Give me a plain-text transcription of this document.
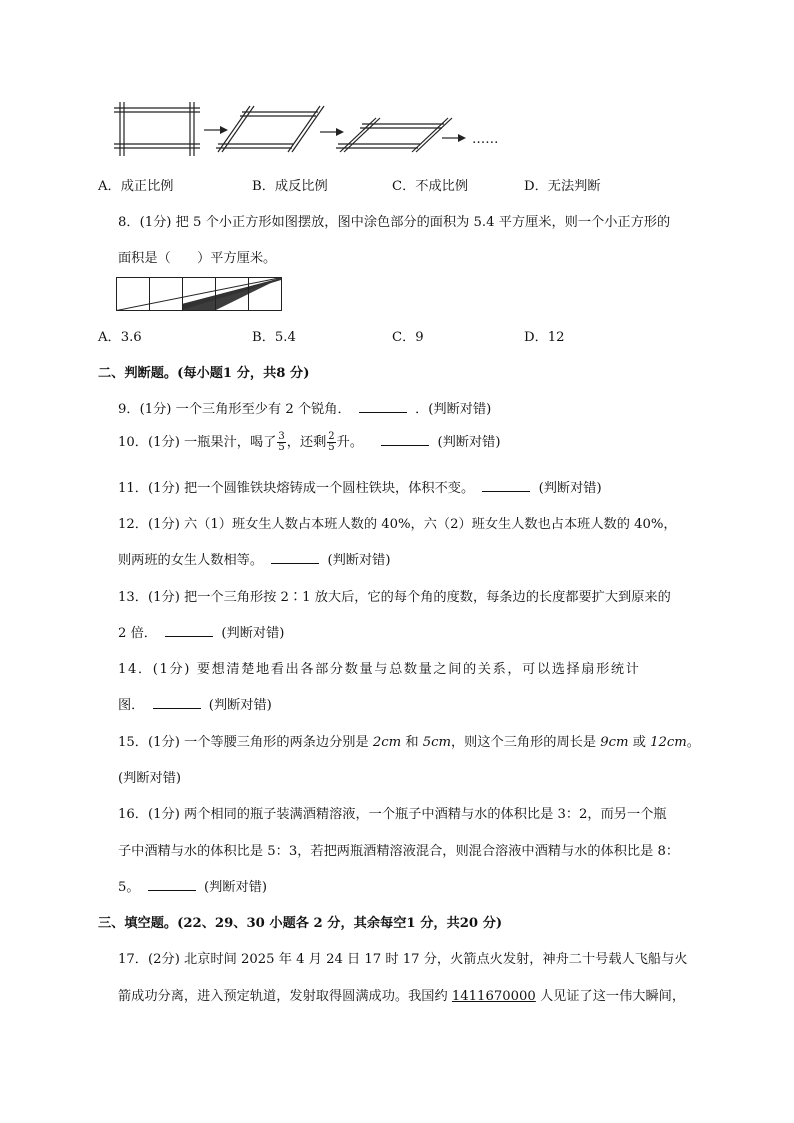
……
A．成正比例	B．成反比例	C．不成比例	D．无法判断
8．(1分) 把 5 个小正方形如图摆放，图中涂色部分的面积为 5.4 平方厘米，则一个小正方形的
面积是（　　）平方厘米。
A．3.6	B．5.4	C．9	D．12
二、判断题。(每小题1 分，共8 分)
9．(1分) 一个三角形至少有 2 个锐角．	．(判断对错)
10．(1分) 一瓶果汁，喝了 $\frac{3}{5}$ ，还剩 $\frac{2}{5}$ 升。	(判断对错)
11．(1分) 把一个圆锥铁块熔铸成一个圆柱铁块，体积不变。	(判断对错)
12．(1分) 六（1）班女生人数占本班人数的 40%，六（2）班女生人数也占本班人数的 40%，
则两班的女生人数相等。	(判断对错)
13．(1分) 把一个三角形按 2∶1 放大后，它的每个角的度数，每条边的长度都要扩大到原来的
2 倍．	(判断对错)
14．(1分) 要想清楚地看出各部分数量与总数量之间的关系，可以选择扇形统计
图．	(判断对错)
15．(1分) 一个等腰三角形的两条边分别是 2cm 和 5cm，则这个三角形的周长是 9cm 或 12cm。
(判断对错)
16．(1分) 两个相同的瓶子装满酒精溶液，一个瓶子中酒精与水的体积比是 3：2，而另一个瓶
子中酒精与水的体积比是 5：3，若把两瓶酒精溶液混合，则混合溶液中酒精与水的体积比是 8：
5。	(判断对错)
三、填空题。(22、29、30 小题各 2 分，其余每空1 分，共20 分)
17．(2分) 北京时间 2025 年 4 月 24 日 17 时 17 分，火箭点火发射，神舟二十号载人飞船与火
箭成功分离，进入预定轨道，发射取得圆满成功。我国约 1411670000 人见证了这一伟大瞬间，
